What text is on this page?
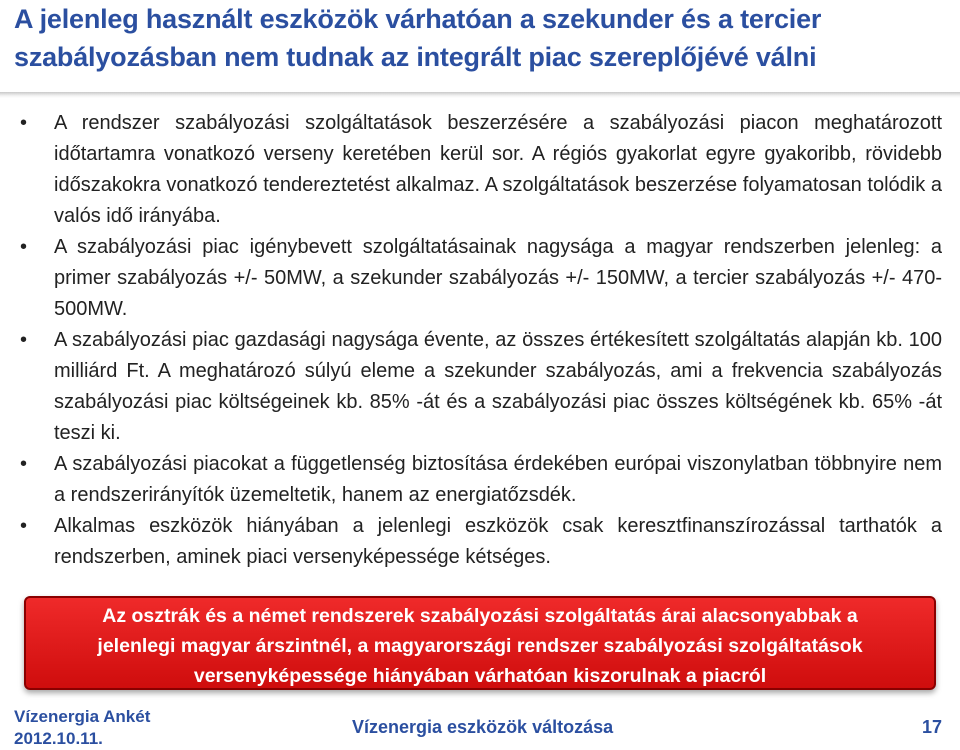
A jelenleg használt eszközök várhatóan a szekunder és a tercier szabályozásban nem tudnak az integrált piac szereplőjévé válni
• A rendszer szabályozási szolgáltatások beszerzésére a szabályozási piacon meghatározott időtartamra vonatkozó verseny keretében kerül sor. A régiós gyakorlat egyre gyakoribb, rövidebb időszakokra vonatkozó tendereztetést alkalmaz. A szolgáltatások beszerzése folyamatosan tolódik a valós idő irányába.
• A szabályozási piac igénybevett szolgáltatásainak nagysága a magyar rendszerben jelenleg: a primer szabályozás +/- 50MW, a szekunder szabályozás +/- 150MW, a tercier szabályozás +/- 470-500MW.
• A szabályozási piac gazdasági nagysága évente, az összes értékesített szolgáltatás alapján kb. 100 milliárd Ft. A meghatározó súlyú eleme a szekunder szabályozás, ami a frekvencia szabályozás szabályozási piac költségeinek kb. 85% -át és a szabályozási piac összes költségének kb. 65% -át teszi ki.
• A szabályozási piacokat a függetlenség biztosítása érdekében európai viszonylatban többnyire nem a rendszerirányítók üzemeltetik, hanem az energiatőzsdék.
• Alkalmas eszközök hiányában a jelenlegi eszközök csak keresztfinanszírozással tarthatók a rendszerben, aminek piaci versenyképessége kétséges.
Az osztrák és a német rendszerek szabályozási szolgáltatás árai alacsonyabbak a
jelenlegi magyar árszintnél, a magyarországi rendszer szabályozási szolgáltatások
versenyképessége hiányában várhatóan kiszorulnak a piacról
Vízenergia Ankét
2012.10.11.
Vízenergia eszközök változása	17
